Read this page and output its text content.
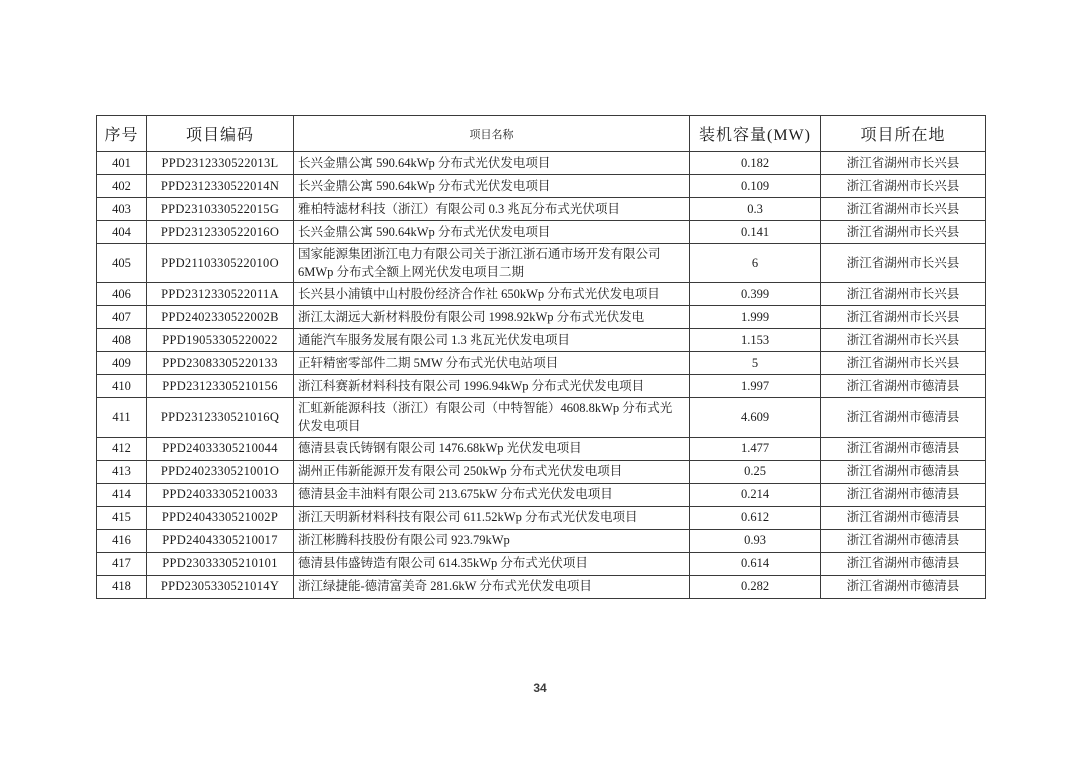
序号	项目编码	项目名称	装机容量(MW)	项目所在地
401	PPD2312330522013L	长兴金鼎公寓 590.64kWp 分布式光伏发电项目	0.182	浙江省湖州市长兴县
402	PPD2312330522014N	长兴金鼎公寓 590.64kWp 分布式光伏发电项目	0.109	浙江省湖州市长兴县
403	PPD2310330522015G	雅柏特滤材科技（浙江）有限公司 0.3 兆瓦分布式光伏项目	0.3	浙江省湖州市长兴县
404	PPD2312330522016O	长兴金鼎公寓 590.64kWp 分布式光伏发电项目	0.141	浙江省湖州市长兴县
405	PPD2110330522010O	国家能源集团浙江电力有限公司关于浙江浙石通市场开发有限公司6MWp 分布式全额上网光伏发电项目二期	6	浙江省湖州市长兴县
406	PPD2312330522011A	长兴县小浦镇中山村股份经济合作社 650kWp 分布式光伏发电项目	0.399	浙江省湖州市长兴县
407	PPD2402330522002B	浙江太湖远大新材料股份有限公司 1998.92kWp 分布式光伏发电	1.999	浙江省湖州市长兴县
408	PPD19053305220022	通能汽车服务发展有限公司 1.3 兆瓦光伏发电项目	1.153	浙江省湖州市长兴县
409	PPD23083305220133	正轩精密零部件二期 5MW 分布式光伏电站项目	5	浙江省湖州市长兴县
410	PPD23123305210156	浙江科赛新材料科技有限公司 1996.94kWp 分布式光伏发电项目	1.997	浙江省湖州市德清县
411	PPD2312330521016Q	汇虹新能源科技（浙江）有限公司（中特智能）4608.8kWp 分布式光伏发电项目	4.609	浙江省湖州市德清县
412	PPD24033305210044	德清县袁氏铸钢有限公司 1476.68kWp 光伏发电项目	1.477	浙江省湖州市德清县
413	PPD2402330521001O	湖州正伟新能源开发有限公司 250kWp 分布式光伏发电项目	0.25	浙江省湖州市德清县
414	PPD24033305210033	德清县金丰油料有限公司 213.675kW 分布式光伏发电项目	0.214	浙江省湖州市德清县
415	PPD2404330521002P	浙江天明新材料科技有限公司 611.52kWp 分布式光伏发电项目	0.612	浙江省湖州市德清县
416	PPD24043305210017	浙江彬腾科技股份有限公司 923.79kWp	0.93	浙江省湖州市德清县
417	PPD23033305210101	德清县伟盛铸造有限公司 614.35kWp 分布式光伏项目	0.614	浙江省湖州市德清县
418	PPD2305330521014Y	浙江绿捷能-德清富美奇 281.6kW 分布式光伏发电项目	0.282	浙江省湖州市德清县
34
